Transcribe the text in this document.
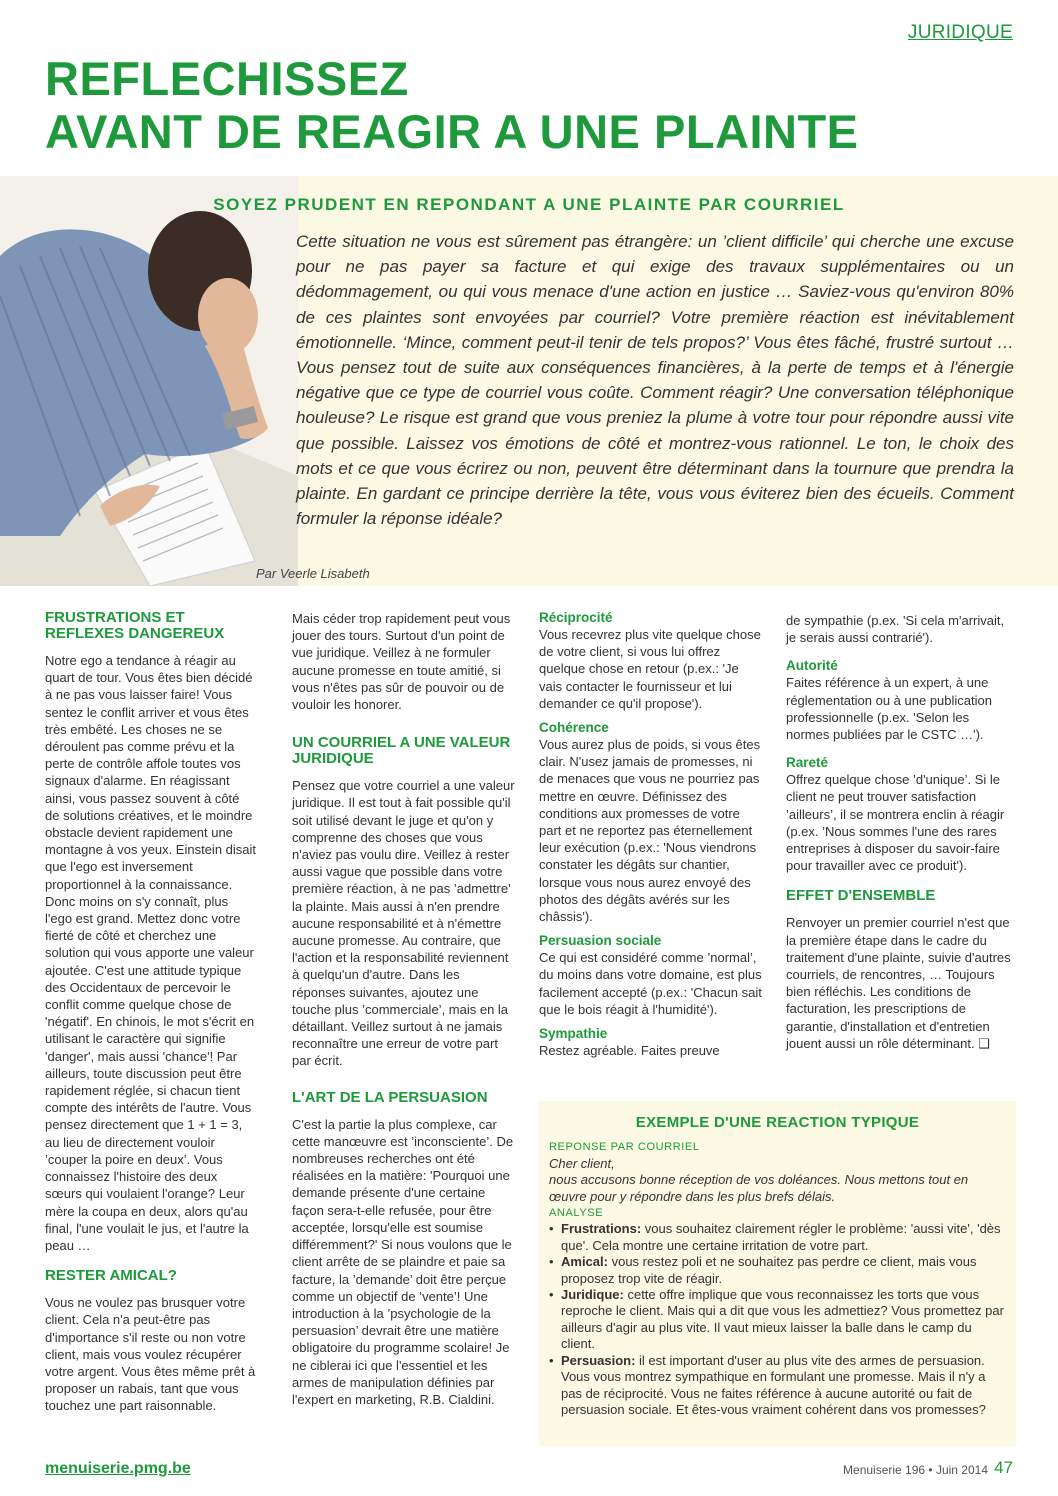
JURIDIQUE
REFLECHISSEZ
AVANT DE REAGIR A UNE PLAINTE
SOYEZ PRUDENT EN REPONDANT A UNE PLAINTE PAR COURRIEL

Cette situation ne vous est sûrement pas étrangère: un ’client difficile’ qui cherche une excuse pour ne pas payer sa facture et qui exige des travaux supplémentaires ou un dédommagement, ou qui vous menace d'une action en justice … Saviez-vous qu'environ 80% de ces plaintes sont envoyées par courriel? Votre première réaction est inévitablement émotionnelle. ‘Mince, comment peut-il tenir de tels propos?’ Vous êtes fâché, frustré surtout … Vous pensez tout de suite aux conséquences financières, à la perte de temps et à l'énergie négative que ce type de courriel vous coûte. Comment réagir? Une conversation téléphonique houleuse? Le risque est grand que vous preniez la plume à votre tour pour répondre aussi vite que possible. Laissez vos émotions de côté et montrez-vous rationnel. Le ton, le choix des mots et ce que vous écrirez ou non, peuvent être déterminant dans la tournure que prendra la plainte. En gardant ce principe derrière la tête, vous vous éviterez bien des écueils. Comment formuler la réponse idéale?

Par Veerle Lisabeth

FRUSTRATIONS ET REFLEXES DANGEREUX

Notre ego a tendance à réagir au quart de tour. Vous êtes bien décidé à ne pas vous laisser faire! Vous sentez le conflit arriver et vous êtes très embêté. Les choses ne se déroulent pas comme prévu et la perte de contrôle affole toutes vos signaux d'alarme. En réagissant ainsi, vous passez souvent à côté de solutions créatives, et le moindre obstacle devient rapidement une montagne à vos yeux. Einstein disait que l'ego est inversement proportionnel à la connaissance. Donc moins on s'y connaît, plus l'ego est grand. Mettez donc votre fierté de côté et cherchez une solution qui vous apporte une valeur ajoutée. C'est une attitude typique des Occidentaux de percevoir le conflit comme quelque chose de 'négatif'. En chinois, le mot s'écrit en utilisant le caractère qui signifie 'danger', mais aussi 'chance'! Par ailleurs, toute discussion peut être rapidement réglée, si chacun tient compte des intérêts de l'autre. Vous pensez directement que 1 + 1 = 3, au lieu de directement vouloir ’couper la poire en deux’. Vous connaissez l'histoire des deux sœurs qui voulaient l'orange? Leur mère la coupa en deux, alors qu'au final, l'une voulait le jus, et l'autre la peau …

RESTER AMICAL?

Vous ne voulez pas brusquer votre client. Cela n'a peut-être pas d'importance s'il reste ou non votre client, mais vous voulez récupérer votre argent. Vous êtes même prêt à proposer un rabais, tant que vous touchez une part raisonnable.

Mais céder trop rapidement peut vous jouer des tours. Surtout d'un point de vue juridique. Veillez à ne formuler aucune promesse en toute amitié, si vous n'êtes pas sûr de pouvoir ou de vouloir les honorer.

UN COURRIEL A UNE VALEUR JURIDIQUE

Pensez que votre courriel a une valeur juridique. Il est tout à fait possible qu'il soit utilisé devant le juge et qu'on y comprenne des choses que vous n'aviez pas voulu dire. Veillez à rester aussi vague que possible dans votre première réaction, à ne pas ’admettre’ la plainte. Mais aussi à n'en prendre aucune responsabilité et à n'émettre aucune promesse. Au contraire, que l'action et la responsabilité reviennent à quelqu'un d'autre. Dans les réponses suivantes, ajoutez une touche plus ’commerciale’, mais en la détaillant. Veillez surtout à ne jamais reconnaître une erreur de votre part par écrit.

L'ART DE LA PERSUASION

C'est la partie la plus complexe, car cette manœuvre est ’inconsciente’. De nombreuses recherches ont été réalisées en la matière: 'Pourquoi une demande présente d'une certaine façon sera-t-elle refusée, pour être acceptée, lorsqu'elle est soumise différemment?' Si nous voulons que le client arrête de se plaindre et paie sa facture, la ’demande’ doit être perçue comme un objectif de ’vente’! Une introduction à la ’psychologie de la persuasion’ devrait être une matière obligatoire du programme scolaire! Je ne ciblerai ici que l'essentiel et les armes de manipulation définies par l'expert en marketing, R.B. Cialdini.

Réciprocité

Vous recevrez plus vite quelque chose de votre client, si vous lui offrez quelque chose en retour (p.ex.: 'Je vais contacter le fournisseur et lui demander ce qu'il propose').

Cohérence

Vous aurez plus de poids, si vous êtes clair. N'usez jamais de promesses, ni de menaces que vous ne pourriez pas mettre en œuvre. Définissez des conditions aux promesses de votre part et ne reportez pas éternellement leur exécution (p.ex.: 'Nous viendrons constater les dégâts sur chantier, lorsque vous nous aurez envoyé des photos des dégâts avérés sur les châssis').

Persuasion sociale

Ce qui est considéré comme ’normal’, du moins dans votre domaine, est plus facilement accepté (p.ex.: 'Chacun sait que le bois réagit à l'humidité').

Sympathie

Restez agréable. Faites preuve

de sympathie (p.ex. 'Si cela m'arrivait, je serais aussi contrarié').

Autorité

Faites référence à un expert, à une réglementation ou à une publication professionnelle (p.ex. 'Selon les normes publiées par le CSTC …').

Rareté

Offrez quelque chose ’d'unique’. Si le client ne peut trouver satisfaction ’ailleurs’, il se montrera enclin à réagir (p.ex. ’Nous sommes l'une des rares entreprises à disposer du savoir-faire pour travailler avec ce produit').

EFFET D'ENSEMBLE

Renvoyer un premier courriel n'est que la première étape dans le cadre du traitement d'une plainte, suivie d'autres courriels, de rencontres, … Toujours bien réfléchis. Les conditions de facturation, les prescriptions de garantie, d'installation et d'entretien jouent aussi un rôle déterminant. ❑

EXEMPLE D'UNE REACTION TYPIQUE

REPONSE PAR COURRIEL
Cher client,
nous accusons bonne réception de vos doléances. Nous mettons tout en œuvre pour y répondre dans les plus brefs délais.
ANALYSE
• Frustrations: vous souhaitez clairement régler le problème: 'aussi vite', 'dès que'. Cela montre une certaine irritation de votre part.
• Amical: vous restez poli et ne souhaitez pas perdre ce client, mais vous proposez trop vite de réagir.
• Juridique: cette offre implique que vous reconnaissez les torts que vous reproche le client. Mais qui a dit que vous les admettiez? Vous promettez par ailleurs d'agir au plus vite. Il vaut mieux laisser la balle dans le camp du client.
• Persuasion: il est important d'user au plus vite des armes de persuasion. Vous vous montrez sympathique en formulant une promesse. Mais il n'y a pas de réciprocité. Vous ne faites référence à aucune autorité ou fait de persuasion sociale. Et êtes-vous vraiment cohérent dans vos promesses?
menuiserie.pmg.be	Menuiserie 196 • Juin 2014 47
